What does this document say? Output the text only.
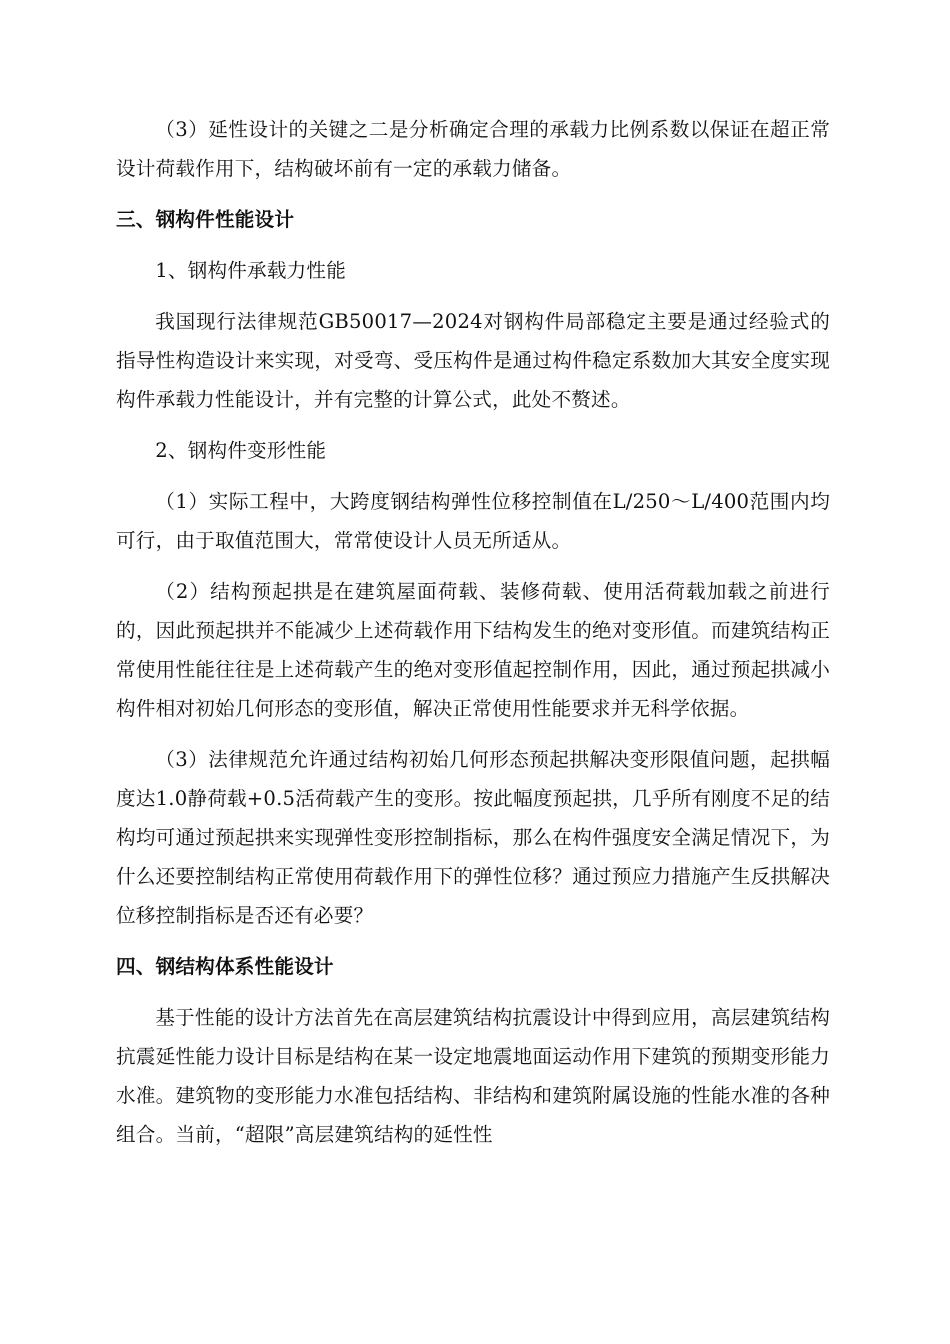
（3）延性设计的关键之二是分析确定合理的承载力比例系数以保证在超正常设计荷载作用下，结构破坏前有一定的承载力储备。

三、钢构件性能设计

1、钢构件承载力性能

我国现行法律规范GB50017—2024对钢构件局部稳定主要是通过经验式的指导性构造设计来实现，对受弯、受压构件是通过构件稳定系数加大其安全度实现构件承载力性能设计，并有完整的计算公式，此处不赘述。

2、钢构件变形性能

（1）实际工程中，大跨度钢结构弹性位移控制值在L/250～L/400范围内均可行，由于取值范围大，常常使设计人员无所适从。

（2）结构预起拱是在建筑屋面荷载、装修荷载、使用活荷载加载之前进行的，因此预起拱并不能减少上述荷载作用下结构发生的绝对变形值。而建筑结构正常使用性能往往是上述荷载产生的绝对变形值起控制作用，因此，通过预起拱减小构件相对初始几何形态的变形值，解决正常使用性能要求并无科学依据。

（3）法律规范允许通过结构初始几何形态预起拱解决变形限值问题，起拱幅度达1.0静荷载+0.5活荷载产生的变形。按此幅度预起拱，几乎所有刚度不足的结构均可通过预起拱来实现弹性变形控制指标，那么在构件强度安全满足情况下，为什么还要控制结构正常使用荷载作用下的弹性位移？通过预应力措施产生反拱解决位移控制指标是否还有必要？

四、钢结构体系性能设计

基于性能的设计方法首先在高层建筑结构抗震设计中得到应用，高层建筑结构抗震延性能力设计目标是结构在某一设定地震地面运动作用下建筑的预期变形能力水准。建筑物的变形能力水准包括结构、非结构和建筑附属设施的性能水准的各种组合。当前，“超限”高层建筑结构的延性性
